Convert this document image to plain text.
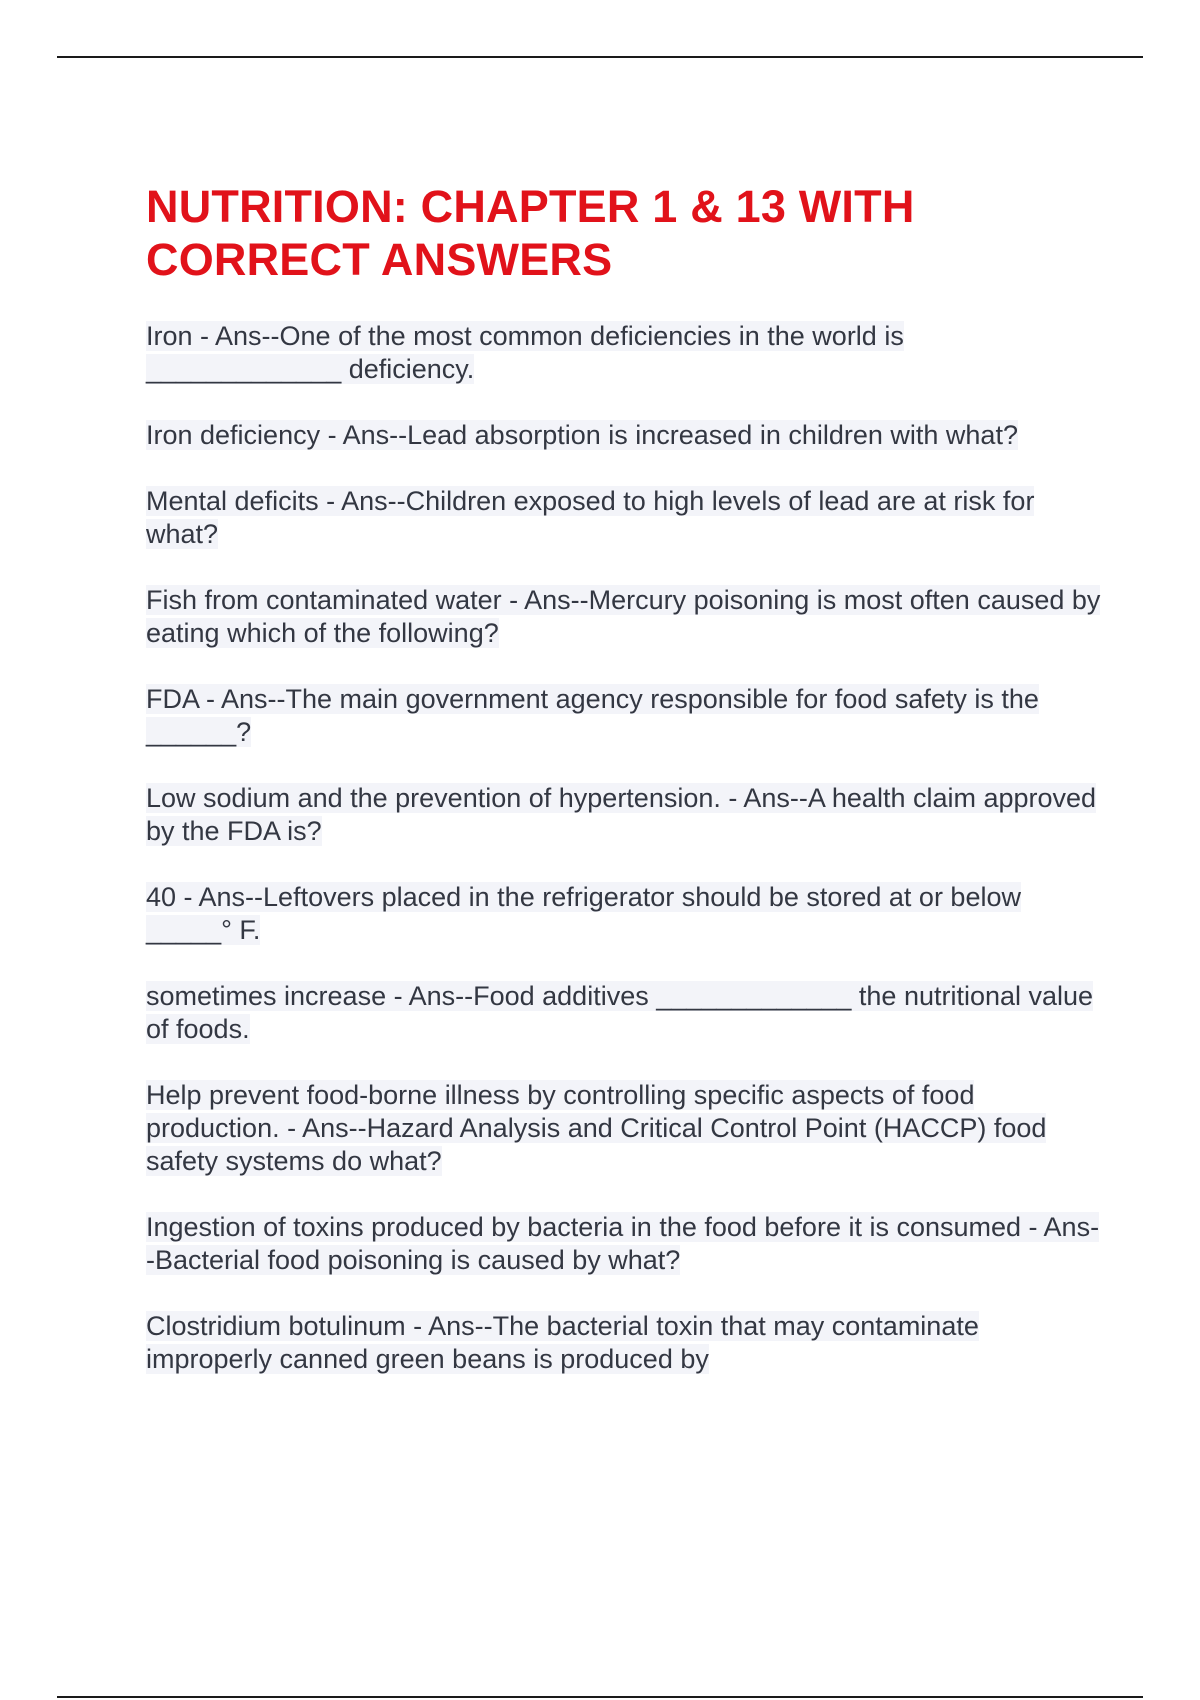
NUTRITION: CHAPTER 1 & 13 WITH CORRECT ANSWERS
Iron - Ans--One of the most common deficiencies in the world is _____________ deficiency.
Iron deficiency - Ans--Lead absorption is increased in children with what?
Mental deficits - Ans--Children exposed to high levels of lead are at risk for what?
Fish from contaminated water - Ans--Mercury poisoning is most often caused by eating which of the following?
FDA - Ans--The main government agency responsible for food safety is the ______?
Low sodium and the prevention of hypertension. - Ans--A health claim approved by the FDA is?
40 - Ans--Leftovers placed in the refrigerator should be stored at or below _____° F.
sometimes increase - Ans--Food additives _____________ the nutritional value of foods.
Help prevent food-borne illness by controlling specific aspects of food production. - Ans--Hazard Analysis and Critical Control Point (HACCP) food safety systems do what?
Ingestion of toxins produced by bacteria in the food before it is consumed - Ans--Bacterial food poisoning is caused by what?
Clostridium botulinum - Ans--The bacterial toxin that may contaminate improperly canned green beans is produced by
